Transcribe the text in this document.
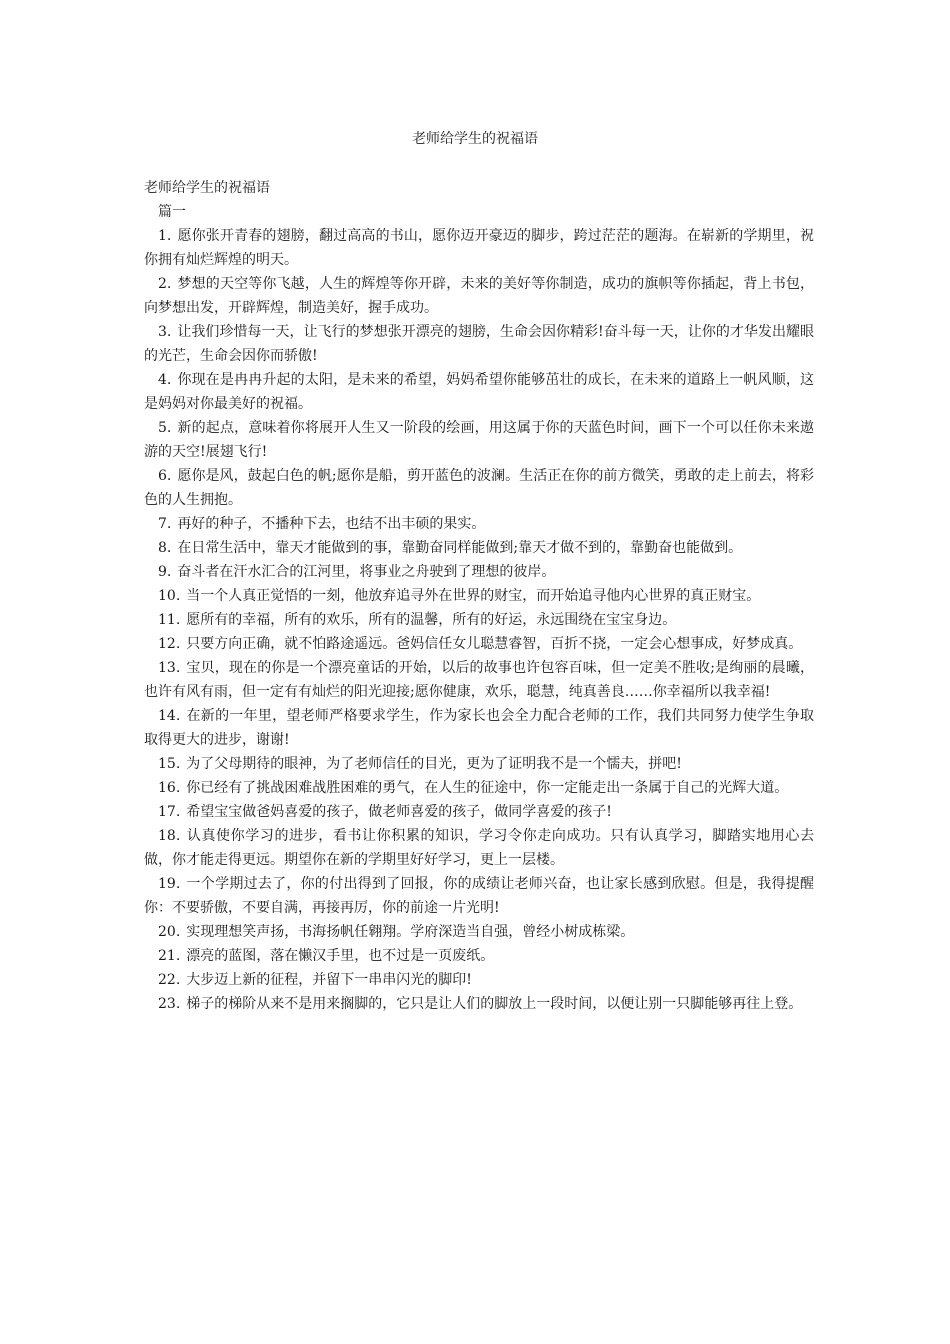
老师给学生的祝福语
老师给学生的祝福语

篇一

1. 愿你张开青春的翅膀，翻过高高的书山，愿你迈开豪迈的脚步，跨过茫茫的题海。在崭新的学期里，祝你拥有灿烂辉煌的明天。

2. 梦想的天空等你飞越，人生的辉煌等你开辟，未来的美好等你制造，成功的旗帜等你插起，背上书包，向梦想出发，开辟辉煌，制造美好，握手成功。

3. 让我们珍惜每一天，让飞行的梦想张开漂亮的翅膀，生命会因你精彩!奋斗每一天，让你的才华发出耀眼的光芒，生命会因你而骄傲!

4. 你现在是冉冉升起的太阳，是未来的希望，妈妈希望你能够茁壮的成长，在未来的道路上一帆风顺，这是妈妈对你最美好的祝福。

5. 新的起点，意味着你将展开人生又一阶段的绘画，用这属于你的天蓝色时间，画下一个可以任你未来遨游的天空!展翅飞行!

6. 愿你是风，鼓起白色的帆;愿你是船，剪开蓝色的波澜。生活正在你的前方微笑，勇敢的走上前去，将彩色的人生拥抱。

7. 再好的种子，不播种下去，也结不出丰硕的果实。

8. 在日常生活中，靠天才能做到的事，靠勤奋同样能做到;靠天才做不到的，靠勤奋也能做到。

9. 奋斗者在汗水汇合的江河里，将事业之舟驶到了理想的彼岸。

10. 当一个人真正觉悟的一刻，他放弃追寻外在世界的财宝，而开始追寻他内心世界的真正财宝。

11. 愿所有的幸福，所有的欢乐，所有的温馨，所有的好运，永远围绕在宝宝身边。

12. 只要方向正确，就不怕路途遥远。爸妈信任女儿聪慧睿智，百折不挠，一定会心想事成，好梦成真。

13. 宝贝，现在的你是一个漂亮童话的开始，以后的故事也许包容百味，但一定美不胜收;是绚丽的晨曦，也许有风有雨，但一定有有灿烂的阳光迎接;愿你健康，欢乐，聪慧，纯真善良……你幸福所以我幸福!

14. 在新的一年里，望老师严格要求学生，作为家长也会全力配合老师的工作，我们共同努力使学生争取取得更大的进步，谢谢!

15. 为了父母期待的眼神，为了老师信任的目光，更为了证明我不是一个懦夫，拼吧!

16. 你已经有了挑战困难战胜困难的勇气，在人生的征途中，你一定能走出一条属于自己的光辉大道。

17. 希望宝宝做爸妈喜爱的孩子，做老师喜爱的孩子，做同学喜爱的孩子!

18. 认真使你学习的进步，看书让你积累的知识，学习令你走向成功。只有认真学习，脚踏实地用心去做，你才能走得更远。期望你在新的学期里好好学习，更上一层楼。

19. 一个学期过去了，你的付出得到了回报，你的成绩让老师兴奋，也让家长感到欣慰。但是，我得提醒你：不要骄傲，不要自满，再接再厉，你的前途一片光明!

20. 实现理想笑声扬，书海扬帆任翱翔。学府深造当自强，曾经小树成栋梁。

21. 漂亮的蓝图，落在懒汉手里，也不过是一页废纸。

22. 大步迈上新的征程，并留下一串串闪光的脚印!

23. 梯子的梯阶从来不是用来搁脚的，它只是让人们的脚放上一段时间，以便让别一只脚能够再往上登。
